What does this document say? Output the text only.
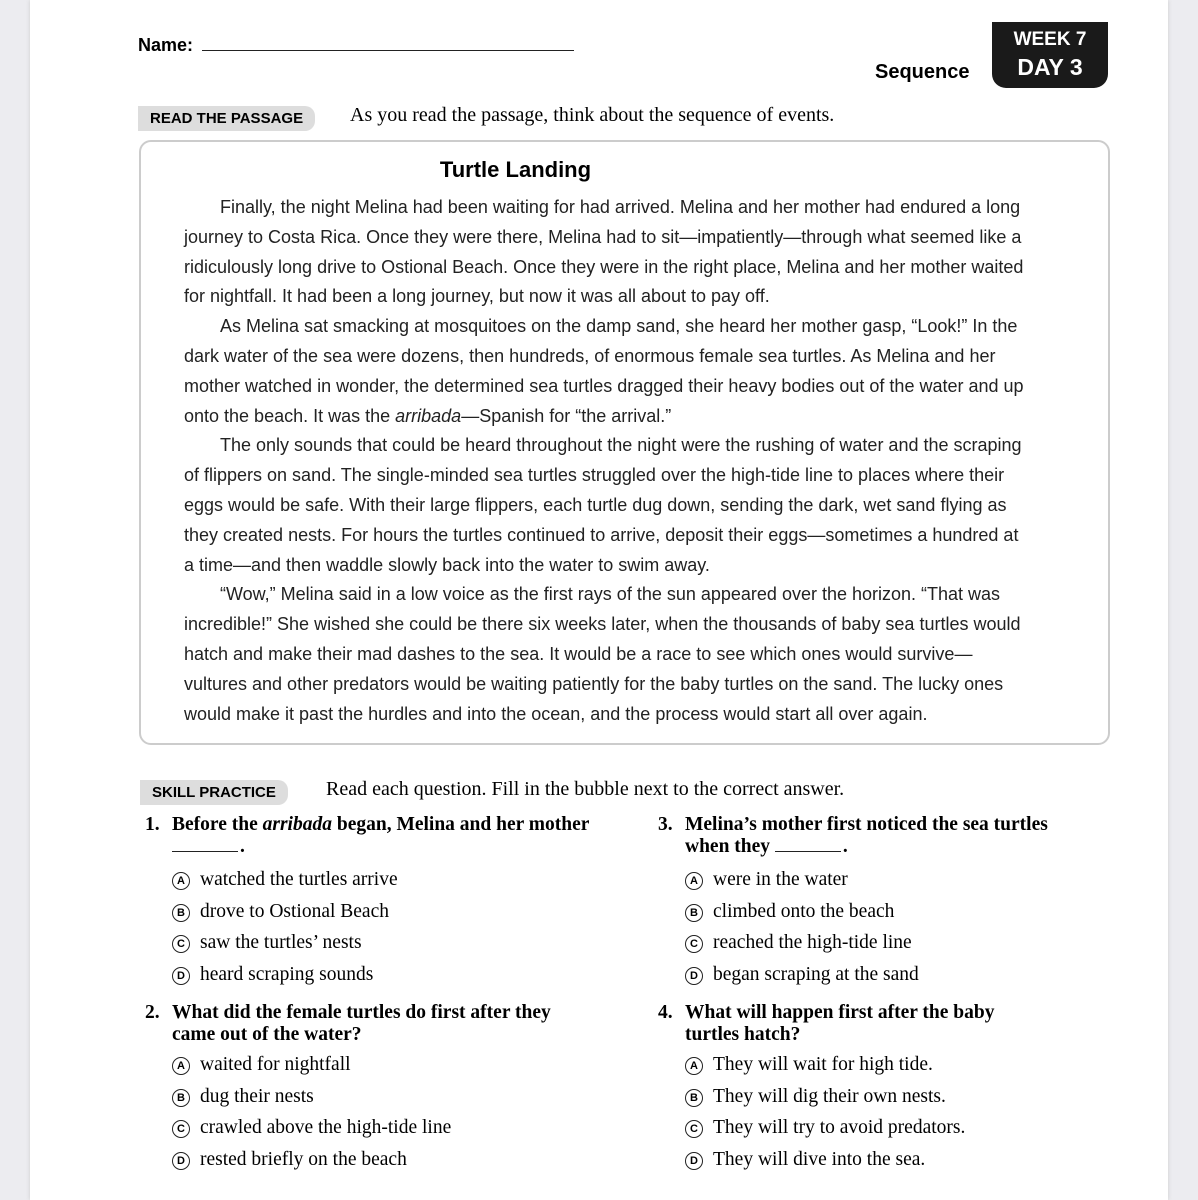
Name:
Sequence
WEEK 7
DAY 3
READ THE PASSAGE	As you read the passage, think about the sequence of events.
Turtle Landing
  Finally, the night Melina had been waiting for had arrived. Melina and her mother had endured a long
journey to Costa Rica. Once they were there, Melina had to sit—impatiently—through what seemed like a
ridiculously long drive to Ostional Beach. Once they were in the right place, Melina and her mother waited
for nightfall. It had been a long journey, but now it was all about to pay off.
  As Melina sat smacking at mosquitoes on the damp sand, she heard her mother gasp, “Look!” In the
dark water of the sea were dozens, then hundreds, of enormous female sea turtles. As Melina and her
mother watched in wonder, the determined sea turtles dragged their heavy bodies out of the water and up
onto the beach. It was the arribada—Spanish for “the arrival.”
  The only sounds that could be heard throughout the night were the rushing of water and the scraping
of flippers on sand. The single-minded sea turtles struggled over the high-tide line to places where their
eggs would be safe. With their large flippers, each turtle dug down, sending the dark, wet sand flying as
they created nests. For hours the turtles continued to arrive, deposit their eggs—sometimes a hundred at
a time—and then waddle slowly back into the water to swim away.
  “Wow,” Melina said in a low voice as the first rays of the sun appeared over the horizon. “That was
incredible!” She wished she could be there six weeks later, when the thousands of baby sea turtles would
hatch and make their mad dashes to the sea. It would be a race to see which ones would survive—
vultures and other predators would be waiting patiently for the baby turtles on the sand. The lucky ones
would make it past the hurdles and into the ocean, and the process would start all over again.
SKILL PRACTICE	Read each question. Fill in the bubble next to the correct answer.
1. Before the arribada began, Melina and her mother
.
A watched the turtles arrive
B drove to Ostional Beach
C saw the turtles’ nests
D heard scraping sounds
2. What did the female turtles do first after they
came out of the water?
A waited for nightfall
B dug their nests
C crawled above the high-tide line
D rested briefly on the beach
3. Melina’s mother first noticed the sea turtles
when they	.
A were in the water
B climbed onto the beach
C reached the high-tide line
D began scraping at the sand
4. What will happen first after the baby
turtles hatch?
A They will wait for high tide.
B They will dig their own nests.
C They will try to avoid predators.
D They will dive into the sea.
